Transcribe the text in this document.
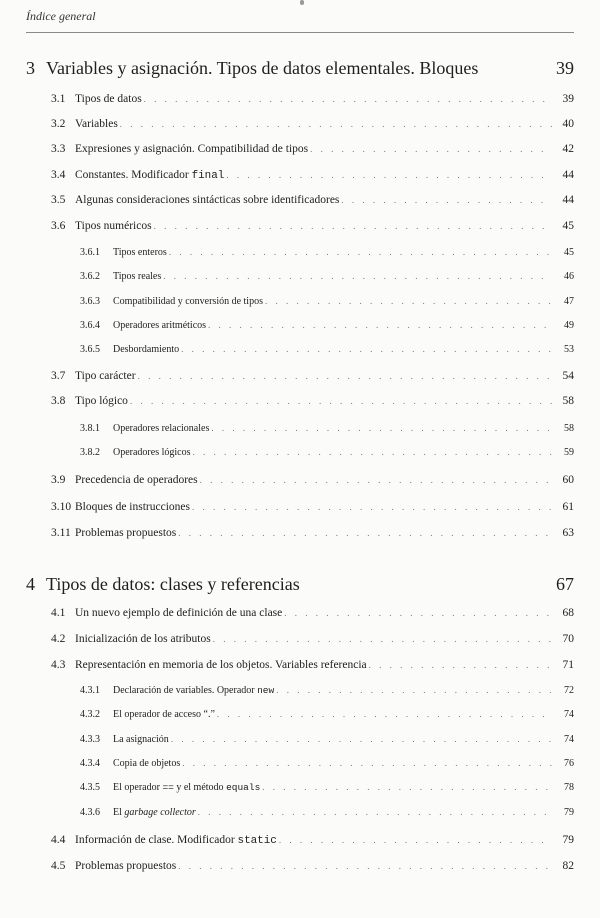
Índice general
3 Variables y asignación. Tipos de datos elementales. Bloques	39
3.1 Tipos de datos . . .	39
3.2 Variables . . .	40
3.3 Expresiones y asignación. Compatibilidad de tipos . . .	42
3.4 Constantes. Modificador final . . .	44
3.5 Algunas consideraciones sintácticas sobre identificadores . . .	44
3.6 Tipos numéricos . . .	45
3.6.1	Tipos enteros . . .	45
3.6.2	Tipos reales . . .	46
3.6.3	Compatibilidad y conversión de tipos . . .	47
3.6.4	Operadores aritméticos . . .	49
3.6.5	Desbordamiento . . .	53
3.7 Tipo carácter . . .	54
3.8 Tipo lógico . . .	58
3.8.1	Operadores relacionales . . .	58
3.8.2	Operadores lógicos . . .	59
3.9 Precedencia de operadores . . .	60
3.10 Bloques de instrucciones . . .	61
3.11 Problemas propuestos . . .	63
4 Tipos de datos: clases y referencias	67
4.1 Un nuevo ejemplo de definición de una clase . . .	68
4.2 Inicialización de los atributos . . .	70
4.3 Representación en memoria de los objetos. Variables referencia . . .	71
4.3.1	Declaración de variables. Operador new . . .	72
4.3.2	El operador de acceso “.” . . .	74
4.3.3	La asignación . . .	74
4.3.4	Copia de objetos . . .	76
4.3.5	El operador == y el método equals . . .	78
4.3.6	El garbage collector . . .	79
4.4 Información de clase. Modificador static . . .	79
4.5 Problemas propuestos . . .	82
